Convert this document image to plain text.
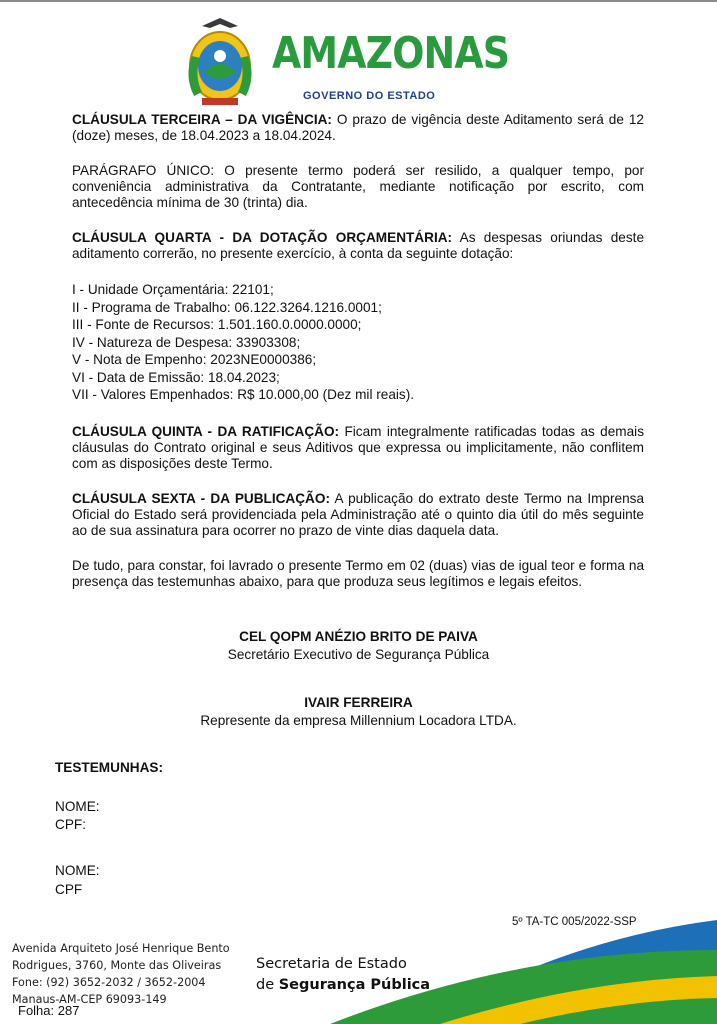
AMAZONAS
GOVERNO DO ESTADO

CLÁUSULA TERCEIRA – DA VIGÊNCIA: O prazo de vigência deste Aditamento será de 12 (doze) meses, de 18.04.2023 a 18.04.2024.

PARÁGRAFO ÚNICO: O presente termo poderá ser resilido, a qualquer tempo, por conveniência administrativa da Contratante, mediante notificação por escrito, com antecedência mínima de 30 (trinta) dia.

CLÁUSULA QUARTA - DA DOTAÇÃO ORÇAMENTÁRIA: As despesas oriundas deste aditamento correrão, no presente exercício, à conta da seguinte dotação:

I - Unidade Orçamentária: 22101;
II - Programa de Trabalho: 06.122.3264.1216.0001;
III - Fonte de Recursos: 1.501.160.0.0000.0000;
IV - Natureza de Despesa: 33903308;
V - Nota de Empenho: 2023NE0000386;
VI - Data de Emissão: 18.04.2023;
VII - Valores Empenhados: R$ 10.000,00 (Dez mil reais).

CLÁUSULA QUINTA - DA RATIFICAÇÃO: Ficam integralmente ratificadas todas as demais cláusulas do Contrato original e seus Aditivos que expressa ou implicitamente, não conflitem com as disposições deste Termo.

CLÁUSULA SEXTA - DA PUBLICAÇÃO: A publicação do extrato deste Termo na Imprensa Oficial do Estado será providenciada pela Administração até o quinto dia útil do mês seguinte ao de sua assinatura para ocorrer no prazo de vinte dias daquela data.

De tudo, para constar, foi lavrado o presente Termo em 02 (duas) vias de igual teor e forma na presença das testemunhas abaixo, para que produza seus legítimos e legais efeitos.

CEL QOPM ANÉZIO BRITO DE PAIVA
Secretário Executivo de Segurança Pública
IVAIR FERREIRA
Represente da empresa Millennium Locadora LTDA.
TESTEMUNHAS:
NOME:
CPF:
NOME:
CPF
5º TA-TC 005/2022-SSP
Avenida Arquiteto José Henrique Bento
Rodrigues, 3760, Monte das Oliveiras
Fone: (92) 3652-2032 / 3652-2004
Manaus-AM-CEP 69093-149
Folha: 287
Secretaria de Estado
de Segurança Pública
